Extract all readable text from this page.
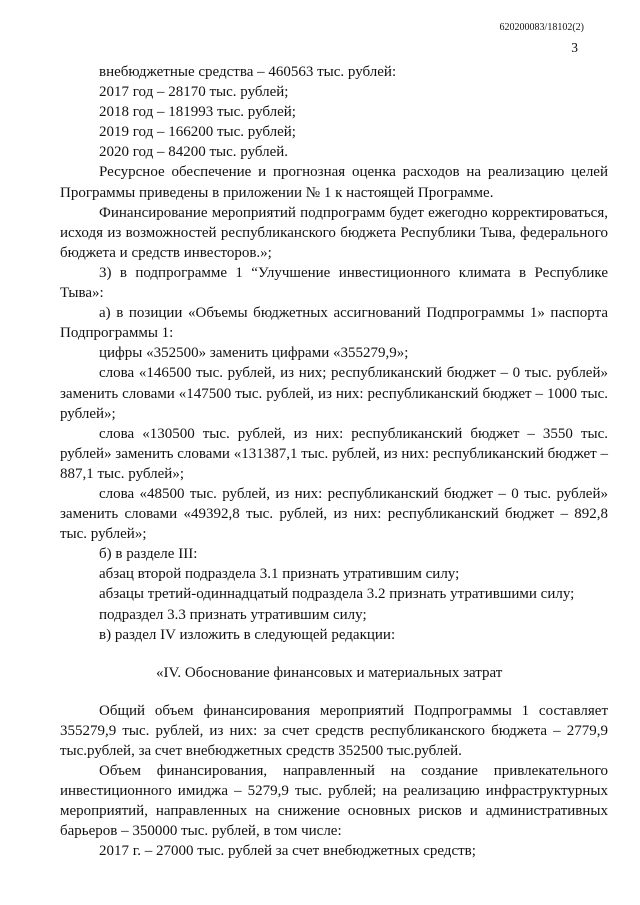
620200083/18102(2)
3

внебюджетные средства – 460563 тыс. рублей:

2017 год – 28170 тыс. рублей;

2018 год – 181993 тыс. рублей;

2019 год – 166200 тыс. рублей;

2020 год – 84200 тыс. рублей.

Ресурсное обеспечение и прогнозная оценка расходов на реализацию целей Программы приведены в приложении № 1 к настоящей Программе.

Финансирование мероприятий подпрограмм будет ежегодно корректироваться, исходя из возможностей республиканского бюджета Республики Тыва, федерального бюджета и средств инвесторов.»;

3) в подпрограмме 1 “Улучшение инвестиционного климата в Республике Тыва»:

а) в позиции «Объемы бюджетных ассигнований Подпрограммы 1» паспорта Подпрограммы 1:

цифры «352500» заменить цифрами «355279,9»;

слова «146500 тыс. рублей, из них; республиканский бюджет – 0 тыс. рублей» заменить словами «147500 тыс. рублей, из них: республиканский бюджет – 1000 тыс. рублей»;

слова «130500 тыс. рублей, из них: республиканский бюджет – 3550 тыс. рублей» заменить словами «131387,1 тыс. рублей, из них: республиканский бюджет – 887,1 тыс. рублей»;

слова «48500 тыс. рублей, из них: республиканский бюджет – 0 тыс. рублей» заменить словами «49392,8 тыс. рублей, из них: республиканский бюджет – 892,8 тыс. рублей»;

б) в разделе III:

абзац второй подраздела 3.1 признать утратившим силу;

абзацы третий-одиннадцатый подраздела 3.2 признать утратившими силу;

подраздел 3.3 признать утратившим силу;

в) раздел IV изложить в следующей редакции:

«IV. Обоснование финансовых и материальных затрат

Общий объем финансирования мероприятий Подпрограммы 1 составляет 355279,9 тыс. рублей, из них: за счет средств республиканского бюджета – 2779,9 тыс.рублей, за счет внебюджетных средств 352500 тыс.рублей.

Объем финансирования, направленный на создание привлекательного инвестиционного имиджа – 5279,9 тыс. рублей; на реализацию инфраструктурных мероприятий, направленных на снижение основных рисков и административных барьеров – 350000 тыс. рублей, в том числе:

2017 г. – 27000 тыс. рублей за счет внебюджетных средств;
